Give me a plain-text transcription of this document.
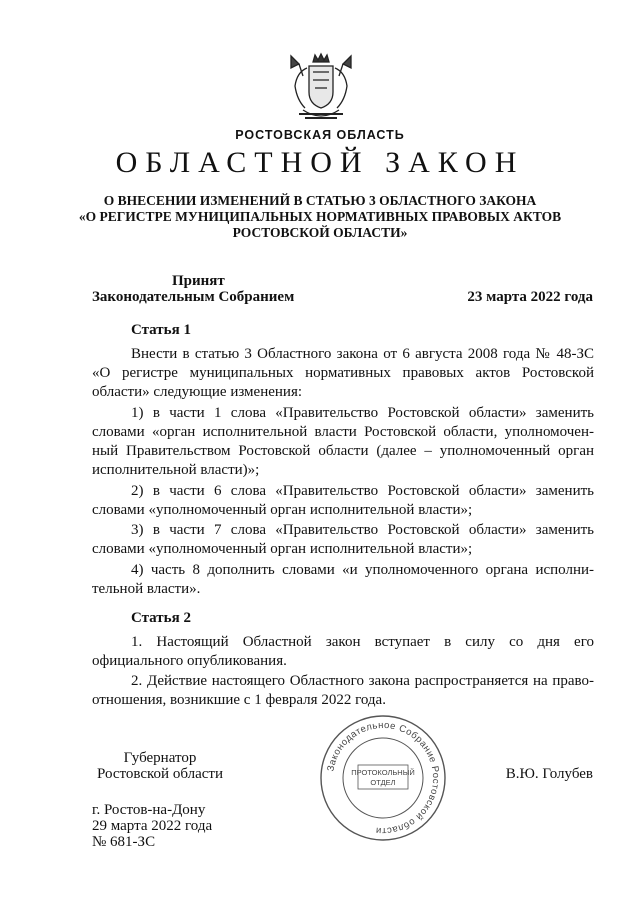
РОСТОВСКАЯ ОБЛАСТЬ
ОБЛАСТНОЙ ЗАКОН
О ВНЕСЕНИИ ИЗМЕНЕНИЙ В СТАТЬЮ 3 ОБЛАСТНОГО ЗАКОНА
«О РЕГИСТРЕ МУНИЦИПАЛЬНЫХ НОРМАТИВНЫХ ПРАВОВЫХ АКТОВ
РОСТОВСКОЙ ОБЛАСТИ»
Принят
Законодательным Собранием	23 марта 2022 года
Статья 1
Внести в статью 3 Областного закона от 6 августа 2008 года № 48-ЗС «О регистре муниципальных нормативных правовых актов Ростовской области» следующие изменения:
1) в части 1 слова «Правительство Ростовской области» заменить словами «орган исполнительной власти Ростовской области, уполномочен-ный Правительством Ростовской области (далее – уполномоченный орган исполнительной власти)»;
2) в части 6 слова «Правительство Ростовской области» заменить словами «уполномоченный орган исполнительной власти»;
3) в части 7 слова «Правительство Ростовской области» заменить словами «уполномоченный орган исполнительной власти»;
4) часть 8 дополнить словами «и уполномоченного органа исполни-тельной власти».
Статья 2
1. Настоящий Областной закон вступает в силу со дня его официального опубликования.
2. Действие настоящего Областного закона распространяется на право-отношения, возникшие с 1 февраля 2022 года.
Губернатор
Ростовской области	В.Ю. Голубев
Законодательное Собрание Ростовской области
ПРОТОКОЛЬНЫЙ
ОТДЕЛ
г. Ростов-на-Дону
29 марта 2022 года
№ 681-ЗС
